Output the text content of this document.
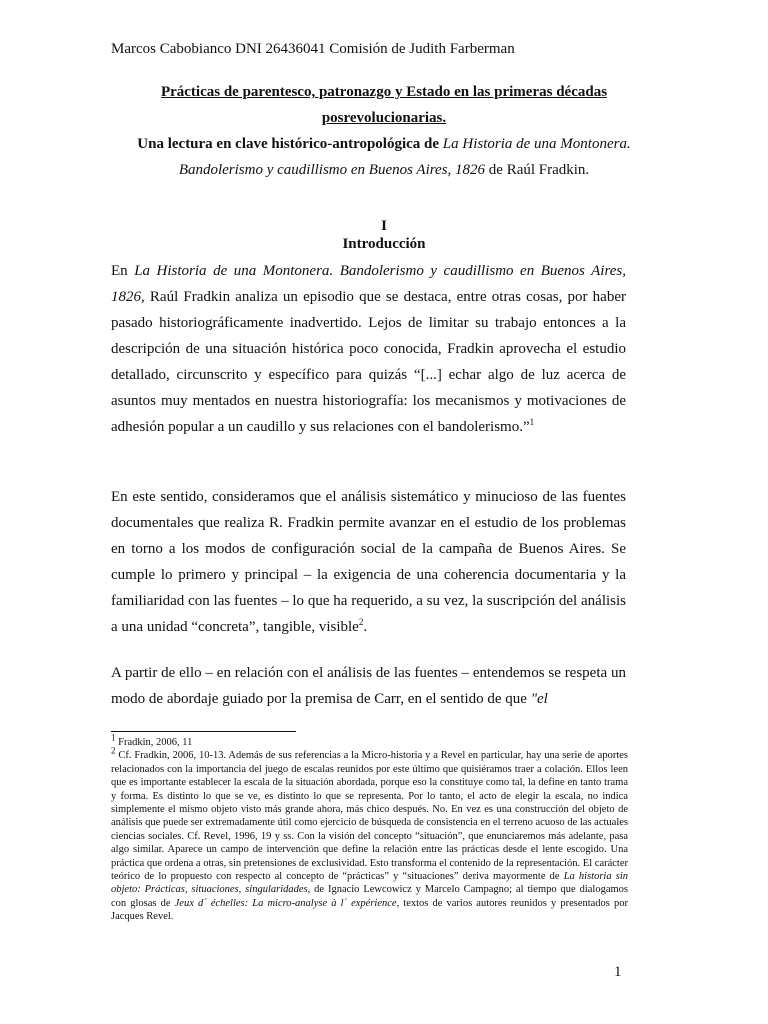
Marcos Cabobianco DNI 26436041 Comisión de Judith Farberman
Prácticas de parentesco, patronazgo y Estado en las primeras décadas
posrevolucionarias.
Una lectura en clave histórico-antropológica de La Historia de una Montonera.
Bandolerismo y caudillismo en Buenos Aires, 1826 de Raúl Fradkin.
I
Introducción

En La Historia de una Montonera. Bandolerismo y caudillismo en Buenos Aires, 1826, Raúl Fradkin analiza un episodio que se destaca, entre otras cosas, por haber pasado historiográficamente inadvertido. Lejos de limitar su trabajo entonces a la descripción de una situación histórica poco conocida, Fradkin aprovecha el estudio detallado, circunscrito y específico para quizás “[...] echar algo de luz acerca de asuntos muy mentados en nuestra historiografía: los mecanismos y motivaciones de adhesión popular a un caudillo y sus relaciones con el bandolerismo.”$^1$

En este sentido, consideramos que el análisis sistemático y minucioso de las fuentes documentales que realiza R. Fradkin permite avanzar en el estudio de los problemas en torno a los modos de configuración social de la campaña de Buenos Aires. Se cumple lo primero y principal – la exigencia de una coherencia documentaria y la familiaridad con las fuentes – lo que ha requerido, a su vez, la suscripción del análisis a una unidad “concreta”, tangible, visible$^2$.

A partir de ello – en relación con el análisis de las fuentes – entendemos se respeta un modo de abordaje guiado por la premisa de Carr, en el sentido de que "el

$^1$ Fradkin, 2006, 11

$^2$ Cf. Fradkin, 2006, 10-13. Además de sus referencias a la Micro-historia y a Revel en particular, hay una serie de aportes relacionados con la importancia del juego de escalas reunidos por este último que quisiéramos traer a colación. Ellos leen que es importante establecer la escala de la situación abordada, porque eso la constituye como tal, la define en tanto trama y forma. Es distinto lo que se ve, es distinto lo que se representa. Por lo tanto, el acto de elegir la escala, no indica simplemente el mismo objeto visto más grande ahora, más chico después. No. En vez es una construcción del objeto de análisis que puede ser extremadamente útil como ejercicio de búsqueda de consistencia en el terreno acuoso de las actuales ciencias sociales. Cf. Revel, 1996, 19 y ss. Con la visión del concepto “situación”, que enunciaremos más adelante, pasa algo similar. Aparece un campo de intervención que define la relación entre las prácticas desde el lente escogido. Una práctica que ordena a otras, sin pretensiones de exclusividad. Esto transforma el contenido de la representación. El carácter teórico de lo propuesto con respecto al concepto de “prácticas” y “situaciones” deriva mayormente de La historia sin objeto: Prácticas, situaciones, singularidades, de Ignacio Lewcowicz y Marcelo Campagno; al tiempo que dialogamos con glosas de Jeux d´ échelles: La micro-analyse à l´ expérience, textos de varios autores reunidos y presentados por Jacques Revel.

1
